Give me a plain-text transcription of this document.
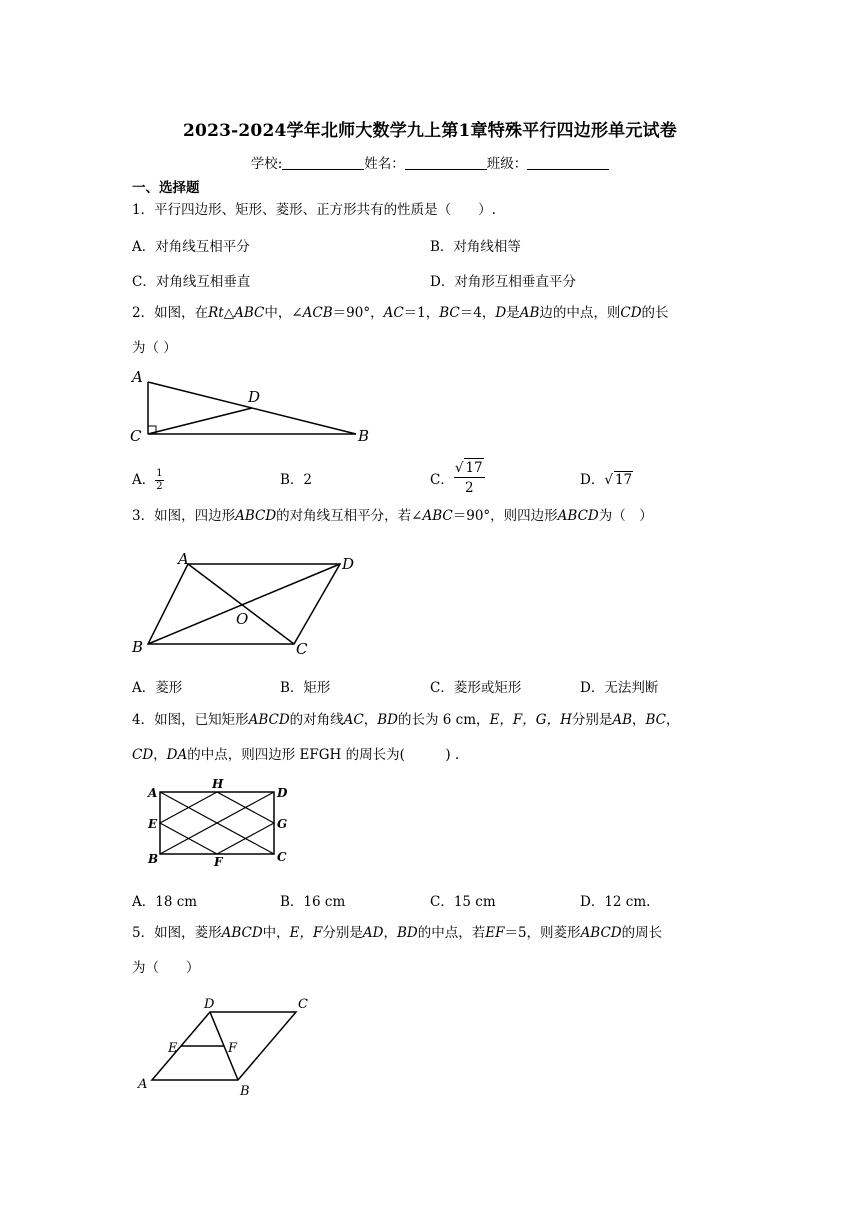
2023-2024学年北师大数学九上第1章特殊平行四边形单元试卷
学校:	姓名：	班级：
一、选择题
1．平行四边形、矩形、菱形、正方形共有的性质是（　　）.
A．对角线互相平分	B．对角线相等
C．对角线互相垂直	D．对角形互相垂直平分
2．如图，在Rt△ABC中，∠ACB＝90°，AC＝1，BC＝4，D是AB边的中点，则CD的长
为（ ）
A
C
D
B
A． $\frac{1}{2}$	B．2	C． $\frac{√ 17}{2}$	D．√ 17
3．如图，四边形ABCD的对角线互相平分，若∠ABC＝90°，则四边形ABCD为（　）
A	D
B	C
O
A．菱形	B．矩形	C．菱形或矩形	D．无法判断
4．如图，已知矩形ABCD的对角线AC，BD的长为 6 cm，E，F，G，H分别是AB，BC，
CD，DA的中点，则四边形 EFGH 的周长为(　　　) .
A
H
D
E	G
B	F	C
A．18 cm	B．16 cm	C．15 cm	D．12 cm.
5．如图，菱形ABCD中，E，F分别是AD，BD的中点，若EF＝5，则菱形ABCD的周长
为（　　）
D	C
E	F
A	B
